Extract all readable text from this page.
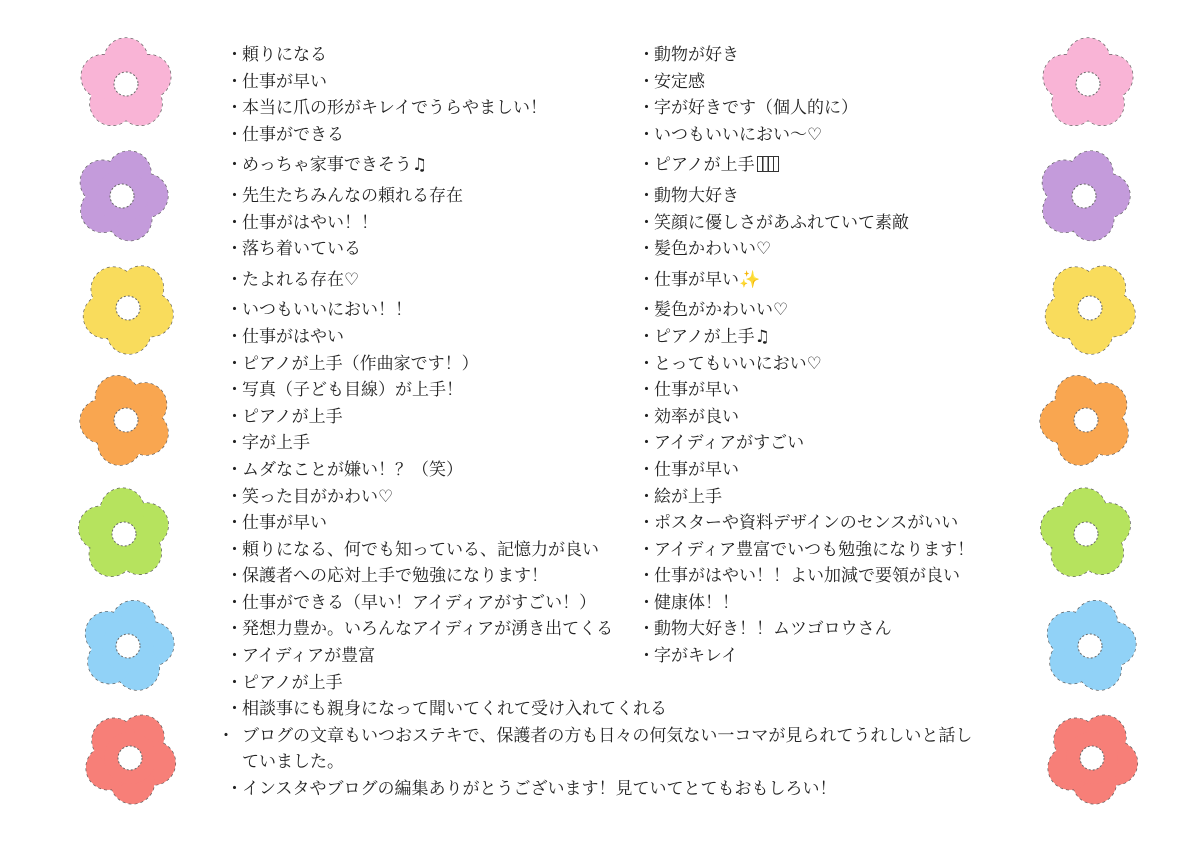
・頼りになる
・仕事が早い
・本当に爪の形がキレイでうらやましい！
・仕事ができる
・めっちゃ家事できそう♫
・先生たちみんなの頼れる存在
・仕事がはやい！！
・落ち着いている
・たよれる存在♡
・いつもいいにおい！！
・仕事がはやい
・ピアノが上手（作曲家です！）
・写真（子ども目線）が上手！
・ピアノが上手
・字が上手
・ムダなことが嫌い！？（笑）
・笑った目がかわい♡
・仕事が早い
・頼りになる、何でも知っている、記憶力が良い
・保護者への応対上手で勉強になります！
・仕事ができる（早い！アイディアがすごい！）
・発想力豊か。いろんなアイディアが湧き出てくる
・アイディアが豊富
・ピアノが上手
・相談事にも親身になって聞いてくれて受け入れてくれる
・ ブログの文章もいつおステキで、保護者の方も日々の何気ない一コマが見られてうれしいと話していました。
・インスタやブログの編集ありがとうございます！見ていてとてもおもしろい！
・動物が好き
・安定感
・字が好きです（個人的に）
・いつもいいにおい〜♡
・ピアノが上手
・動物大好き
・笑顔に優しさがあふれていて素敵
・髪色かわいい♡
・仕事が早い✨
・髪色がかわいい♡
・ピアノが上手♫
・とってもいいにおい♡
・仕事が早い
・効率が良い
・アイディアがすごい
・仕事が早い
・絵が上手
・ポスターや資料デザインのセンスがいい
・アイディア豊富でいつも勉強になります！
・仕事がはやい！！よい加減で要領が良い
・健康体！！
・動物大好き！！ムツゴロウさん
・字がキレイ
